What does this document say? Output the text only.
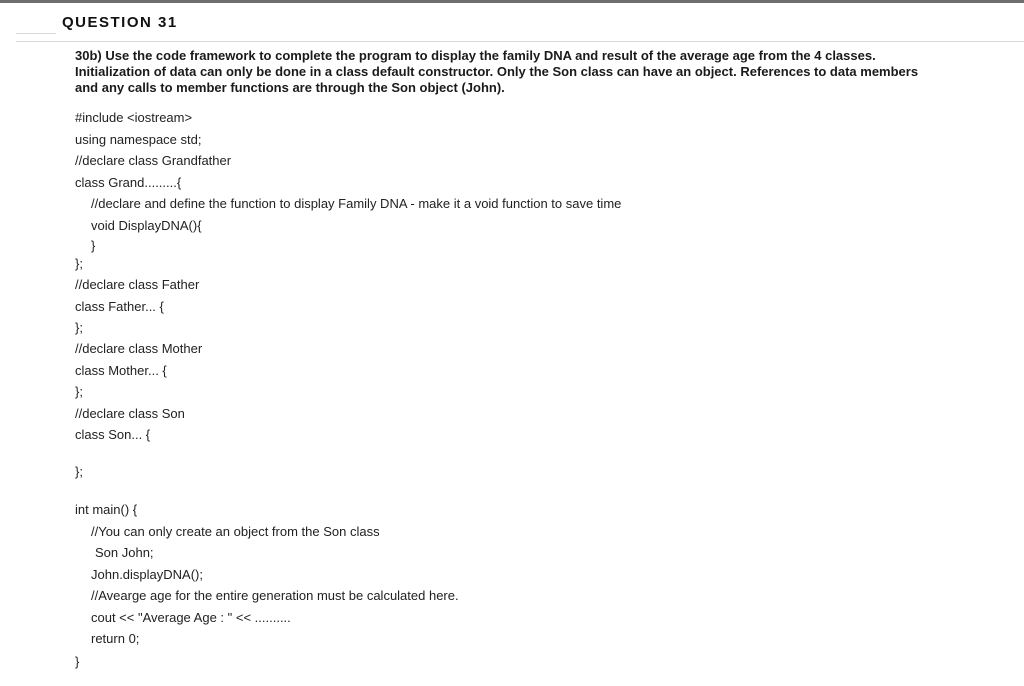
QUESTION 31
30b) Use the code framework to complete the program to display the family DNA and result of the average age from the 4 classes.
Initialization of data can only be done in a class default constructor. Only the Son class can have an object. References to data members
and any calls to member functions are through the Son object (John).
#include <iostream>
using namespace std;
//declare class Grandfather
class Grand.........{
//declare and define the function to display Family DNA - make it a void function to save time
void DisplayDNA(){
}
};
//declare class Father
class Father... {
};
//declare class Mother
class Mother... {
};
//declare class Son
class Son... {
};
int main() {
//You can only create an object from the Son class
Son John;
John.displayDNA();
//Avearge age for the entire generation must be calculated here.
cout << "Average Age : " << ..........
return 0;
}
